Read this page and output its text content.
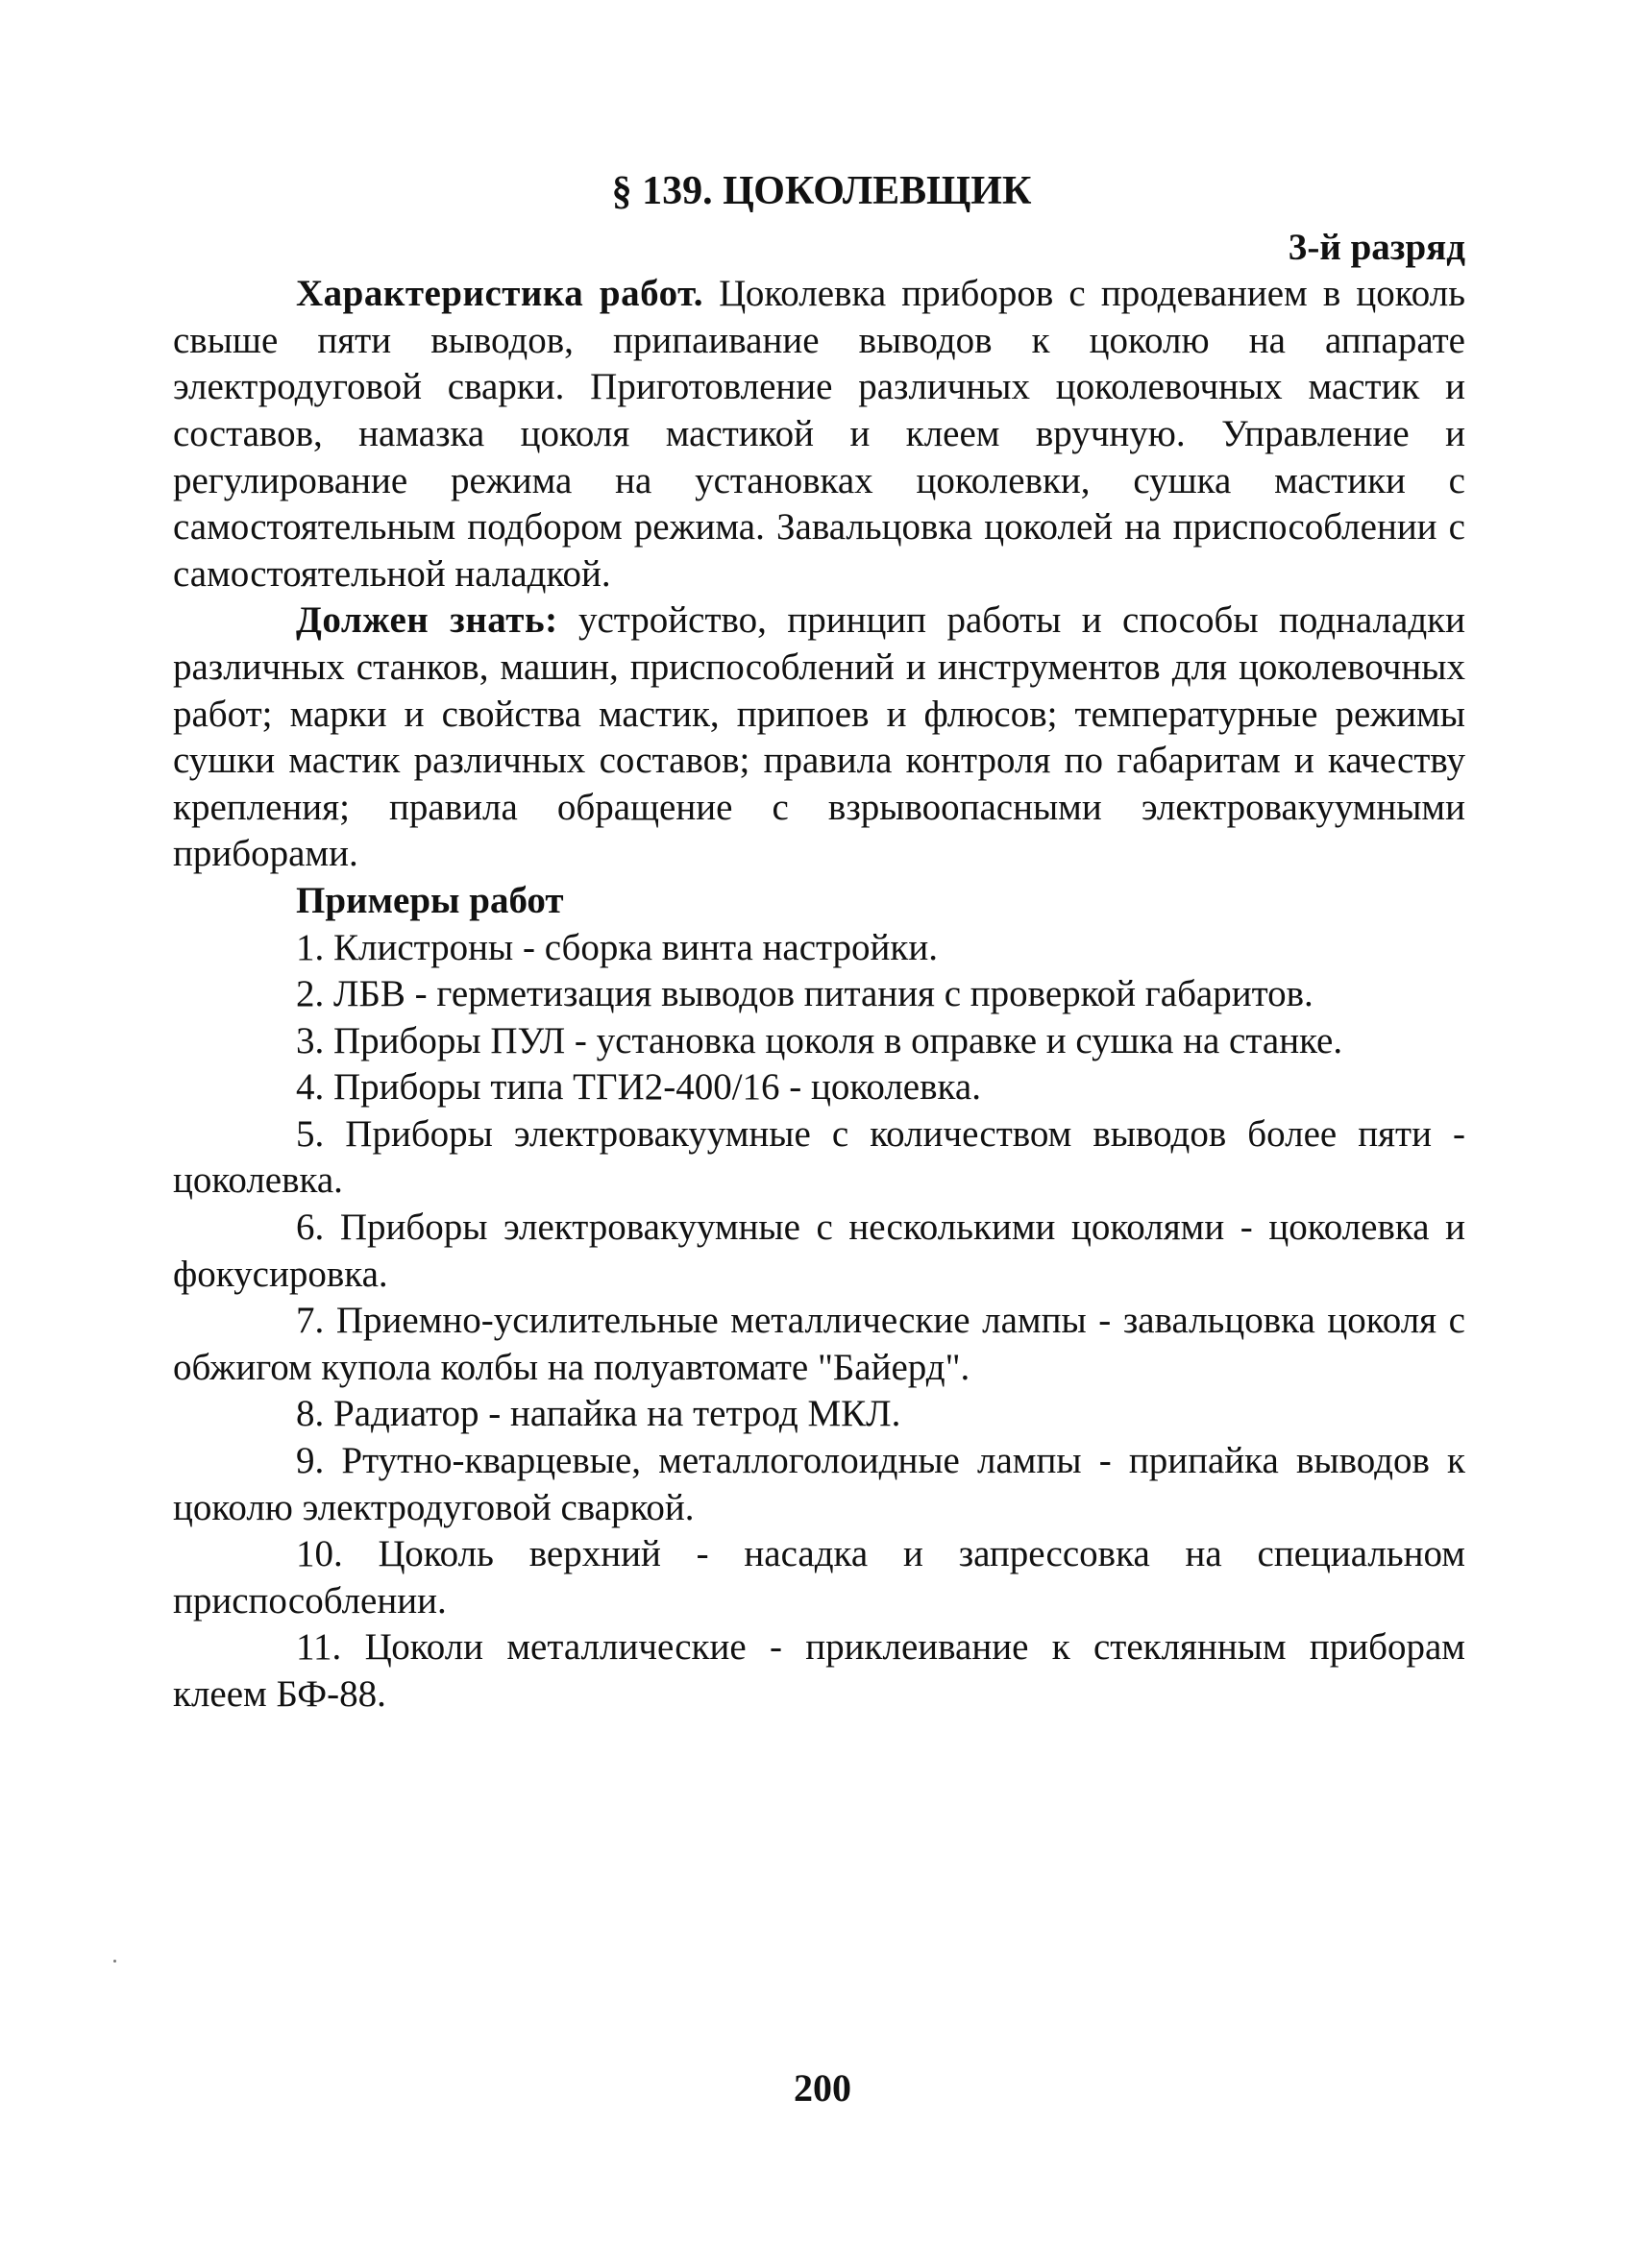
§ 139. ЦОКОЛЕВЩИК
3-й разряд

Характеристика работ. Цоколевка приборов с продеванием в цоколь свыше пяти выводов, припаивание выводов к цоколю на аппарате электродуговой сварки. Приготовление различных цоколевочных мастик и составов, намазка цоколя мастикой и клеем вручную. Управление и регулирование режима на установках цоколевки, сушка мастики с самостоятельным подбором режима. Завальцовка цоколей на приспособлении с самостоятельной наладкой.

Должен знать: устройство, принцип работы и способы подналадки различных станков, машин, приспособлений и инструментов для цоколевочных работ; марки и свойства мастик, припоев и флюсов; температурные режимы сушки мастик различных составов; правила контроля по габаритам и качеству крепления; правила обращение с взрывоопасными электровакуумными приборами.

Примеры работ

1. Клистроны - сборка винта настройки.

2. ЛБВ - герметизация выводов питания с проверкой габаритов.

3. Приборы ПУЛ - установка цоколя в оправке и сушка на станке.

4. Приборы типа ТГИ2-400/16 - цоколевка.

5. Приборы электровакуумные с количеством выводов более пяти - цоколевка.

6. Приборы электровакуумные с несколькими цоколями - цоколевка и фокусировка.

7. Приемно-усилительные металлические лампы - завальцовка цоколя с обжигом купола колбы на полуавтомате "Байерд".

8. Радиатор - напайка на тетрод МКЛ.

9. Ртутно-кварцевые, металлоголоидные лампы - припайка выводов к цоколю электродуговой сваркой.

10. Цоколь верхний - насадка и запрессовка на специальном приспособлении.

11. Цоколи металлические - приклеивание к стеклянным приборам клеем БФ-88.

200
